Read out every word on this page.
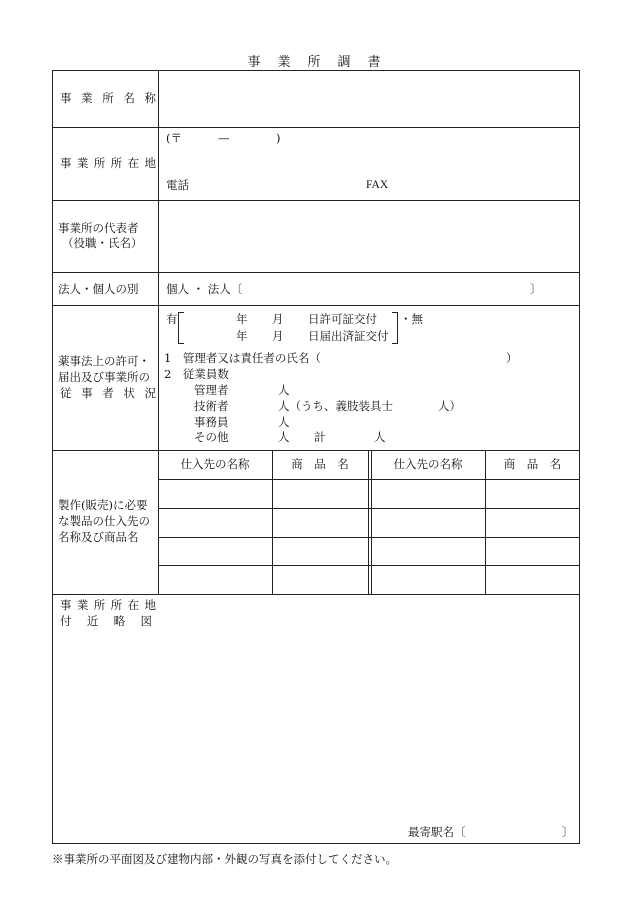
事　業　所　調　書
事 業 所 名 称
事 業 所 所 在 地
(〒	—	)
電話	FAX
事業所の代表者
（役職・氏名）
法人・個人の別 個人 ・ 法人〔	〕
薬事法上の許可・
届出及び事業所の
従 事 者 状 況
有	年 月 日許可証交付
年 月 日届出済証交付
・無
1　管理者又は責任者の氏名（	）
2　従業員数
管理者	人
技術者	人（うち、義肢装具士	人）
事務員	人
その他	人 計	人
製作(販売)に必要
な製品の仕入先の
名称及び商品名
仕入先の名称	商　品　名	仕入先の名称	商　品　名
事 業 所 所 在 地
付 近 略 図
最寄駅名〔	〕
※事業所の平面図及び建物内部・外観の写真を添付してください。
